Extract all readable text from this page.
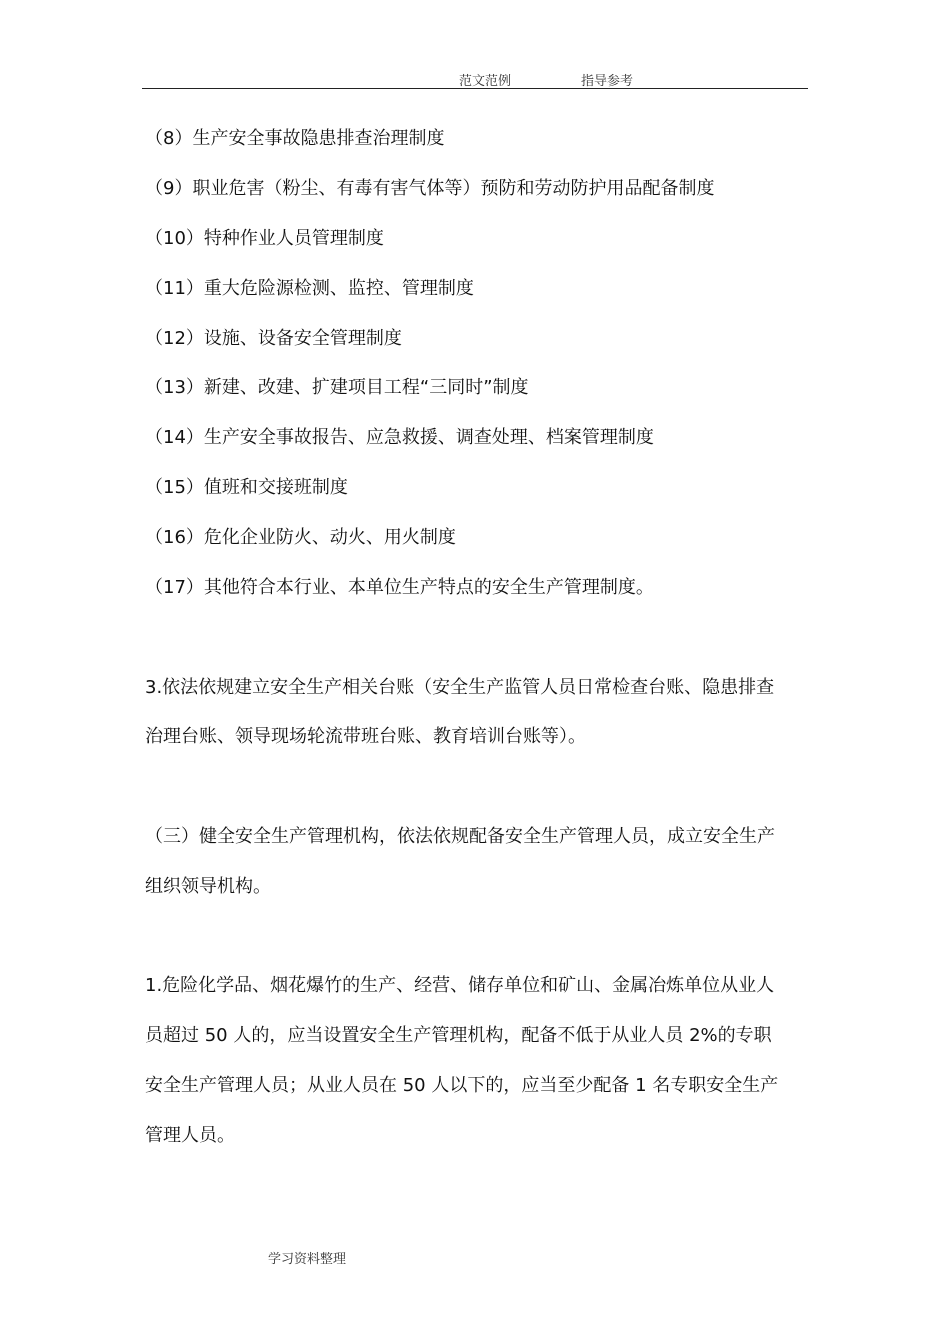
范文范例	指导参考
（8）生产安全事故隐患排查治理制度
（9）职业危害（粉尘、有毒有害气体等）预防和劳动防护用品配备制度
（10）特种作业人员管理制度
（11）重大危险源检测、监控、管理制度
（12）设施、设备安全管理制度
（13）新建、改建、扩建项目工程“三同时”制度
（14）生产安全事故报告、应急救援、调查处理、档案管理制度
（15）值班和交接班制度
（16）危化企业防火、动火、用火制度
（17）其他符合本行业、本单位生产特点的安全生产管理制度。
3.依法依规建立安全生产相关台账（安全生产监管人员日常检查台账、隐患排查
治理台账、领导现场轮流带班台账、教育培训台账等）。
（三）健全安全生产管理机构，依法依规配备安全生产管理人员，成立安全生产
组织领导机构。
1.危险化学品、烟花爆竹的生产、经营、储存单位和矿山、金属冶炼单位从业人
员超过 50 人的，应当设置安全生产管理机构，配备不低于从业人员 2%的专职
安全生产管理人员；从业人员在 50 人以下的，应当至少配备 1 名专职安全生产
管理人员。
学习资料整理
